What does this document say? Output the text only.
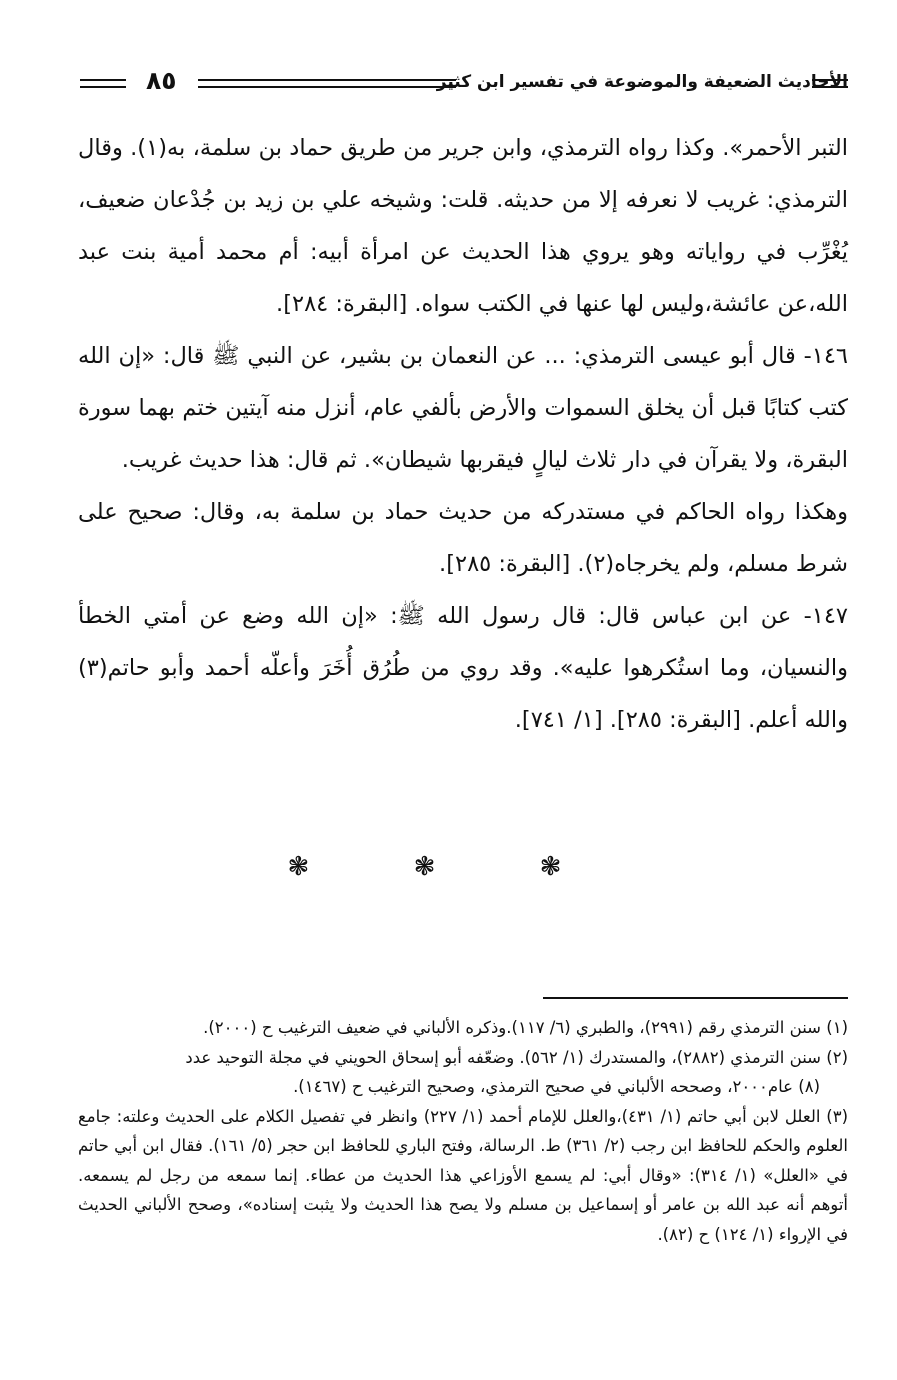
الأحاديث الضعيفة والموضوعة في تفسير ابن كثير
٨٥

التبر الأحمر». وكذا رواه الترمذي، وابن جرير من طريق حماد بن سلمة، به(١). وقال الترمذي: غريب لا نعرفه إلا من حديثه. قلت: وشيخه علي بن زيد بن جُدْعان ضعيف، يُغْرِّب في رواياته وهو يروي هذا الحديث عن امرأة أبيه: أم محمد أمية بنت عبد الله،عن عائشة،وليس لها عنها في الكتب سواه. [البقرة: ٢٨٤].

١٤٦- قال أبو عيسى الترمذي: ... عن النعمان بن بشير، عن النبي ﷺ قال: «إن الله كتب كتابًا قبل أن يخلق السموات والأرض بألفي عام، أنزل منه آيتين ختم بهما سورة البقرة، ولا يقرآن في دار ثلاث ليالٍ فيقربها شيطان». ثم قال: هذا حديث غريب.

وهكذا رواه الحاكم في مستدركه من حديث حماد بن سلمة به، وقال: صحيح على شرط مسلم، ولم يخرجاه(٢). [البقرة: ٢٨٥].

١٤٧- عن ابن عباس قال: قال رسول الله ﷺ: «إن الله وضع عن أمتي الخطأ والنسيان، وما استُكرهوا عليه». وقد روي من طُرُق أُخَرَ وأعلّه أحمد وأبو حاتم(٣) والله أعلم. [البقرة: ٢٨٥]. [١/ ٧٤١].

❃ ❃ ❃

(١) سنن الترمذي رقم (٢٩٩١)، والطبري (٦/ ١١٧).وذكره الألباني في ضعيف الترغيب ح (٢٠٠٠).

(٢) سنن الترمذي (٢٨٨٢)، والمستدرك (١/ ٥٦٢). وضعّفه أبو إسحاق الحويني في مجلة التوحيد عدد

(٨) عام٢٠٠٠، وصححه الألباني في صحيح الترمذي، وصحيح الترغيب ح (١٤٦٧).

(٣) العلل لابن أبي حاتم (١/ ٤٣١)،والعلل للإمام أحمد (١/ ٢٢٧) وانظر في تفصيل الكلام على الحديث وعلته: جامع العلوم والحكم للحافظ ابن رجب (٢/ ٣٦١) ط. الرسالة، وفتح الباري للحافظ ابن حجر (٥/ ١٦١). فقال ابن أبي حاتم في «العلل» (١/ ٣١٤): «وقال أبي: لم يسمع الأوزاعي هذا الحديث من عطاء. إنما سمعه من رجل لم يسمعه. أتوهم أنه عبد الله بن عامر أو إسماعيل بن مسلم ولا يصح هذا الحديث ولا يثبت إسناده»، وصحح الألباني الحديث في الإرواء (١/ ١٢٤) ح (٨٢).
